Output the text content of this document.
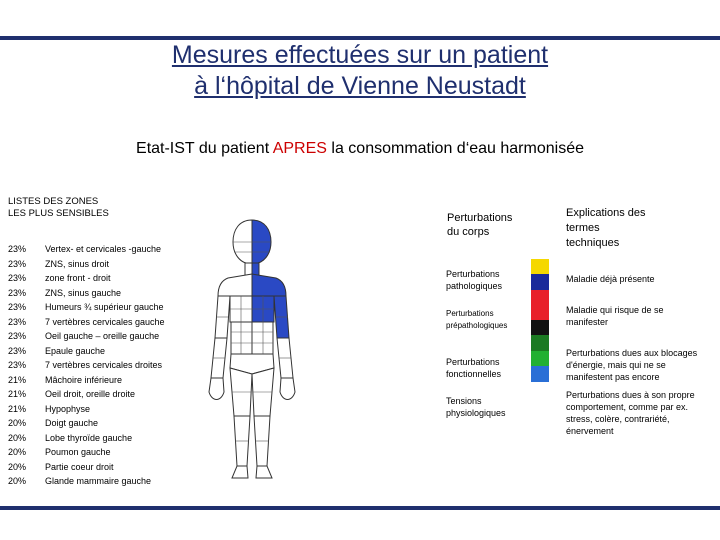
Mesures effectuées sur un patient
à l‘hôpital de Vienne Neustadt
Etat-IST du patient APRES la consommation d‘eau harmonisée
LISTES DES ZONES
LES PLUS SENSIBLES
23% Vertex- et cervicales -gauche
23% ZNS, sinus droit
23% zone front - droit
23% ZNS, sinus gauche
23% Humeurs ¾ supérieur gauche
23% 7 vertèbres cervicales gauche
23% Oeil gauche – oreille gauche
23% Epaule gauche
23% 7 vertèbres cervicales droites
21% Mâchoire inférieure
21% Oeil droit, oreille droite
21% Hypophyse
20% Doigt gauche
20% Lobe thyroïde gauche
20% Poumon gauche
20% Partie coeur droit
20% Glande mammaire gauche
Perturbations
du corps
Explications des
termes
techniques
Perturbations
pathologiques
Maladie déjà présente
Perturbations
prépathologiques
Maladie qui risque de se
manifester
Perturbations
fonctionnelles
Perturbations dues aux blocages
d'énergie, mais qui ne se
manifestent pas encore
Tensions
physiologiques
Perturbations dues à son propre
comportement, comme par ex.
stress, colère, contrariété,
énervement
